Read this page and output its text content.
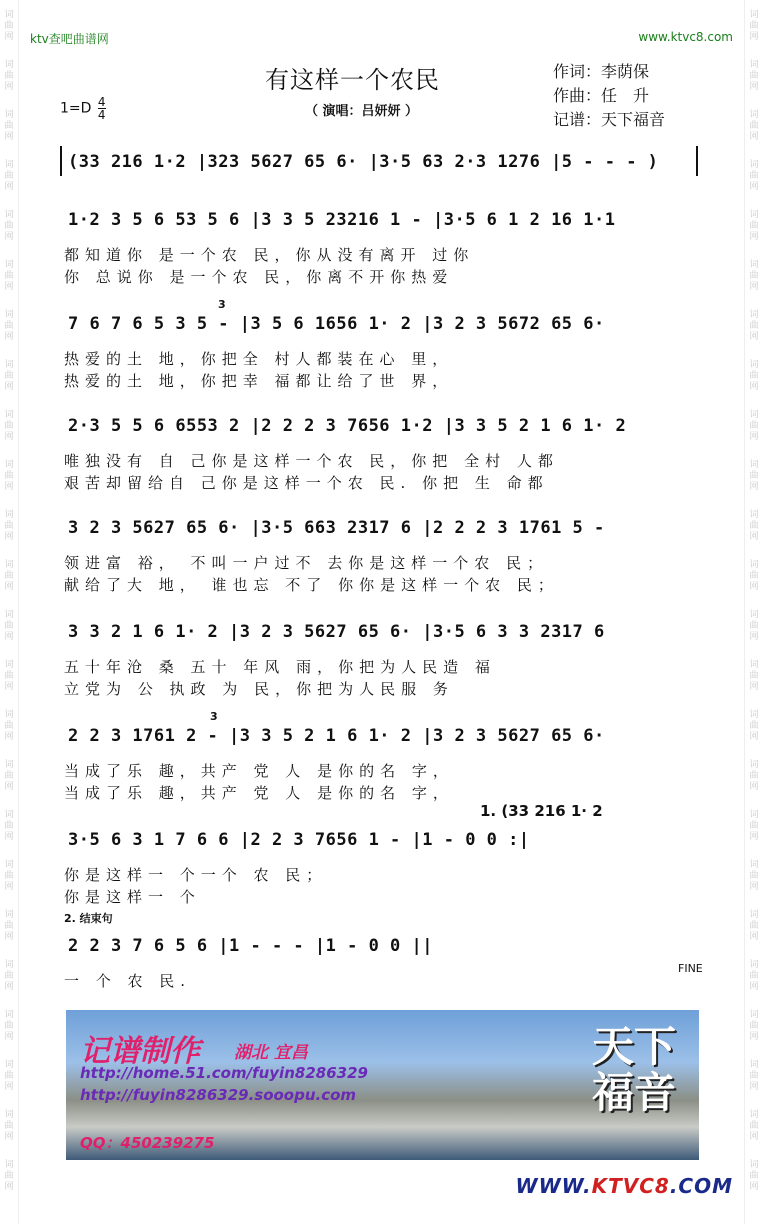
词
曲
网
词
曲
网
词
曲
网
词
曲
网
词
曲
网
词
曲
网
词
曲
网
词
曲
网
词
曲
网
词
曲
网
词
曲
网
词
曲
网
词
曲
网
词
曲
网
词
曲
网
词
曲
网
词
曲
网
词
曲
网
词
曲
网
词
曲
网
词
曲
网
词
曲
网
词
曲
网
词
曲
网
词
曲
网
词
曲
网
词
曲
网
词
曲
网
词
曲
网
词
曲
网
词
曲
网
词
曲
网
词
曲
网
词
曲
网
词
曲
网
词
曲
网
词
曲
网
词
曲
网
词
曲
网
词
曲
网
词
曲
网
词
曲
网
词
曲
网
词
曲
网
词
曲
网
词
曲
网
词
曲
网
词
曲
网
ktv查吧曲谱网	www.ktvc8.com
有这样一个农民
（ 演唱：吕妍妍 ）
$1=D \frac{4}{4}$
作词：李荫保
作曲：任　升
记谱：天下福音
(33 216 1·2 |323 5627 65 6· |3·5 63 2·3 1276 |5 - - - )
1·2 3 5 6 53 5 6 |3 3 5 23216 1 - |3·5 6 1 2 16 1·1
都知道你 是一个农 民，你从没有离开 过你
你 总说你 是一个农 民，你离不开你热爱
3
7 6 7 6 5 3 5 - |3 5 6 1656 1· 2 |3 2 3 5672 65 6·
热爱的土 地，你把全 村人都装在心 里，
热爱的土 地，你把幸 福都让给了世 界，
2·3 5 5 6 6553 2 |2 2 2 3 7656 1·2 |3 3 5 2 1 6 1· 2
唯独没有 自 己你是这样一个农 民，你把 全村 人都
艰苦却留给自 己你是这样一个农 民. 你把 生 命都
3 2 3 5627 65 6· |3·5 663 2317 6 |2 2 2 3 1761 5 -
领进富 裕， 不叫一户过不 去你是这样一个农 民；
献给了大 地， 谁也忘 不了 你你是这样一个农 民；
3 3 2 1 6 1· 2 |3 2 3 5627 65 6· |3·5 6 3 3 2317 6
五十年沧 桑 五十 年风 雨，你把为人民造 福
立党为 公 执政 为 民，你把为人民服 务
3
2 2 3 1761 2 - |3 3 5 2 1 6 1· 2 |3 2 3 5627 65 6·
当成了乐 趣，共产 党 人 是你的名 字，
当成了乐 趣，共产 党 人 是你的名 字，
1. (33 216 1· 2
3·5 6 3 1 7 6 6 |2 2 3 7656 1 - |1 - 0 0 :|
你是这样一 个一个 农 民；
你是这样一 个
2. 结束句
2 2 3 7 6 5 6 |1 - - - |1 - 0 0 ||
一 个 农 民.
FINE
记谱制作 湖北 宜昌
http://home.51.com/fuyin8286329
http://fuyin8286329.sooopu.com
QQ：450239275
天下
福音
WWW.KTVC8.COM
